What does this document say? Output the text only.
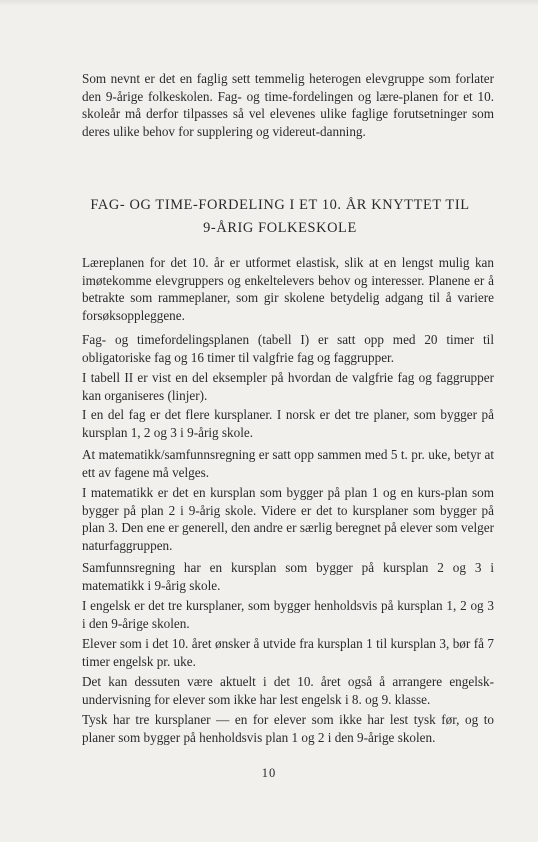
Som nevnt er det en faglig sett temmelig heterogen elevgruppe som forlater den 9-årige folkeskolen. Fag- og time-fordelingen og lære-planen for et 10. skoleår må derfor tilpasses så vel elevenes ulike faglige forutsetninger som deres ulike behov for supplering og videreut-danning.

FAG- OG TIME-FORDELING I ET 10. ÅR KNYTTET TIL
9-ÅRIG FOLKESKOLE

Læreplanen for det 10. år er utformet elastisk, slik at en lengst mulig kan imøtekomme elevgruppers og enkeltelevers behov og interesser. Planene er å betrakte som rammeplaner, som gir skolene betydelig adgang til å variere forsøksoppleggene.

Fag- og timefordelingsplanen (tabell I) er satt opp med 20 timer til obligatoriske fag og 16 timer til valgfrie fag og faggrupper.

I tabell II er vist en del eksempler på hvordan de valgfrie fag og faggrupper kan organiseres (linjer).

I en del fag er det flere kursplaner. I norsk er det tre planer, som bygger på kursplan 1, 2 og 3 i 9-årig skole.

At matematikk/samfunnsregning er satt opp sammen med 5 t. pr. uke, betyr at ett av fagene må velges.

I matematikk er det en kursplan som bygger på plan 1 og en kurs-plan som bygger på plan 2 i 9-årig skole. Videre er det to kursplaner som bygger på plan 3. Den ene er generell, den andre er særlig beregnet på elever som velger naturfaggruppen.

Samfunnsregning har en kursplan som bygger på kursplan 2 og 3 i matematikk i 9-årig skole.

I engelsk er det tre kursplaner, som bygger henholdsvis på kursplan 1, 2 og 3 i den 9-årige skolen.

Elever som i det 10. året ønsker å utvide fra kursplan 1 til kursplan 3, bør få 7 timer engelsk pr. uke.

Det kan dessuten være aktuelt i det 10. året også å arrangere engelsk-undervisning for elever som ikke har lest engelsk i 8. og 9. klasse.

Tysk har tre kursplaner — en for elever som ikke har lest tysk før, og to planer som bygger på henholdsvis plan 1 og 2 i den 9-årige skolen.

10
